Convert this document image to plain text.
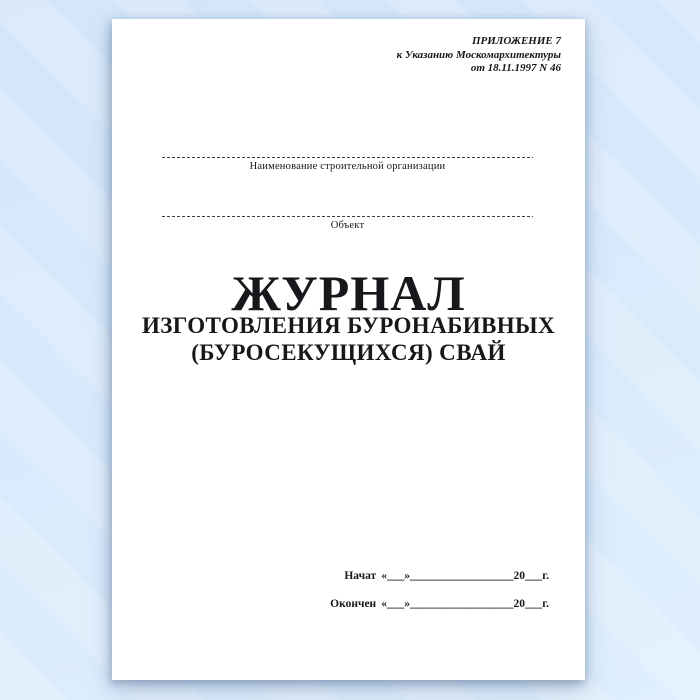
ПРИЛОЖЕНИЕ 7
к Указанию Москомархитектуры
от 18.11.1997 N 46
Наименование строительной организации
Объект
ЖУРНАЛ
ИЗГОТОВЛЕНИЯ БУРОНАБИВНЫХ
(БУРОСЕКУЩИХСЯ) СВАЙ
Начат «___»__________________20___г.
Окончен «___»__________________20___г.
